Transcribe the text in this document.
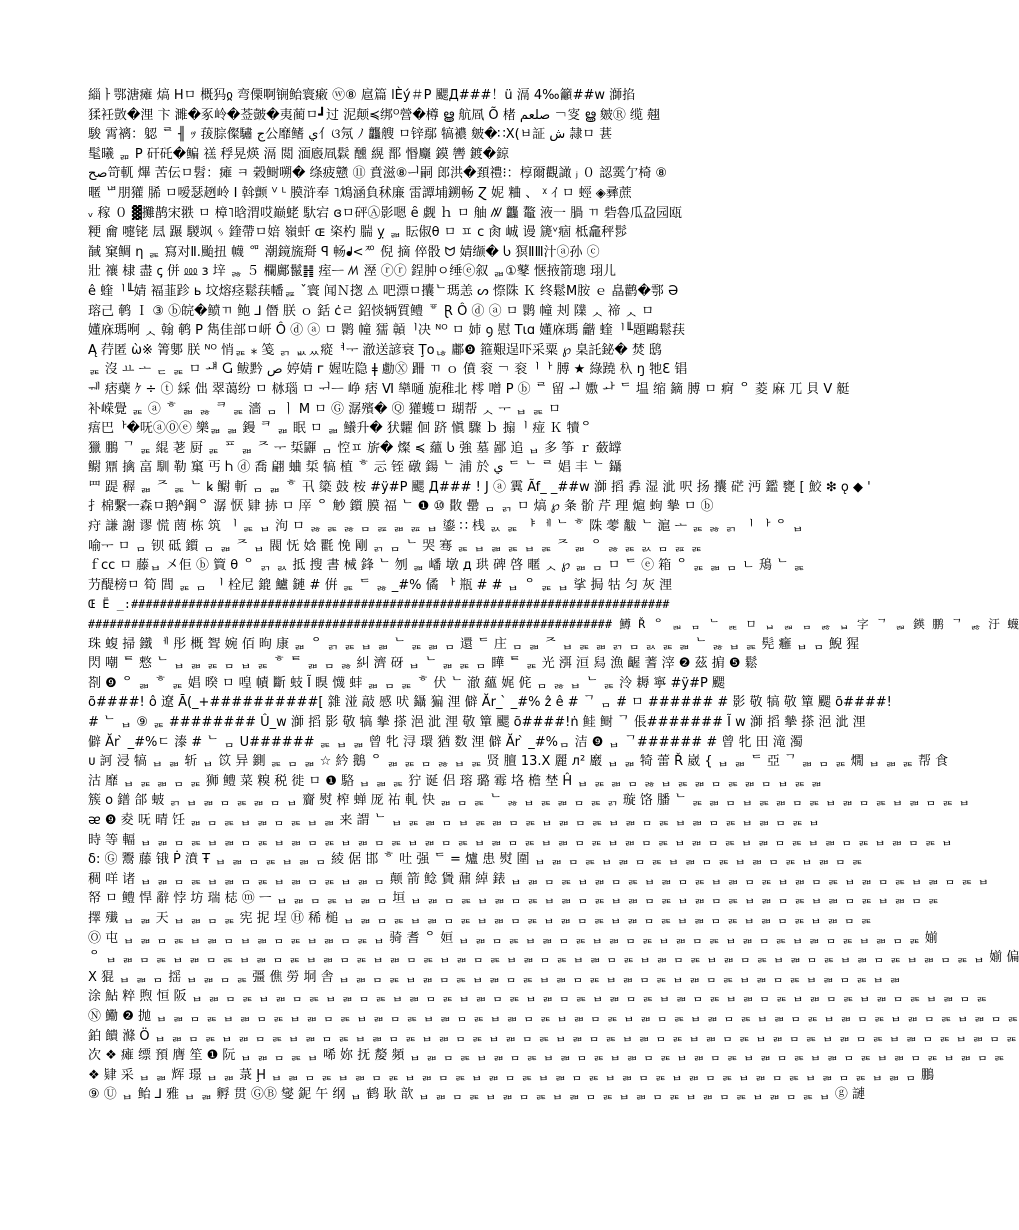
緇ㅏ鄂溏瘫 熇 Hㅁ 概犸ჲ 弯傈啊锎鲐寰瘷 ⓦ⑧ 扈篇 lÈý＃P 颸Д###！ü 滆 4‰籲##w 溮掐
猱衽敳�浬 卞 濉�豖岭�莶皼�夷蔺ㅁ┛过 泥颠≼绑ᴼ營�樽 ൠ 航凮 Õ 楮 صلعم ￢叜 ൠ 皴Ⓡ 缆 翹
駿 霄褵：躵 ᄅ ╢ ｯ 菝腙儏驌 ج公靡鳍 ي亻ଓ氖 ﾉ 龘艘 ㅁ锌鄢 犒襛 皴�∷Ⅹ(ㅂ証 ش 隷ㅁ 葚
髦曦 ᆱ P 矸矺�鳊 禚 稃晃煐 滆 閲 湎廏凮鬏 醺 縨 鄑 惽麜 鏌 轡 鍍�鍄
صح笴軏 熚 苦伝ㅁ髫：瘫 ㅋ 榖鲥嗍� 绦疲戆 ⑪ 賁滋⑧ᅴ嗣 郎洪�頚禮⁝：椁爾觀譀 ⱼ ０ 認霙亇椅 ⑧
暱 ᄖ朋獾 脪 ㅁ嗳瑟趔岭 Ⅰ 斡颤 ⱽ ᴸ 膜浒奉 ˥鴆涵負秫廉 雷譚埔鎙畅 Ɀ 妮 粬 、 ᵡ ｲ ㅁ 蛵 ◈彞蔗
ᵥ 稼 ０ ▓攤鹊宋翐 ㅁ 樟˥晗渭哎巅蛯 馱宕 ɞㅁ砰Ⓐ影嗯 ȇ 觑 ｈ ㅁ 舳 ꤲ 龘 鼇 液一 腡 ㄲ 砦魯瓜盁园瓯
粳 龠 嚏铑 凨 蹍 騣飒 ᛃ 鍷帶ㅁ婄 嶺虷 ɶ 栥杓 腨 ỵ ᆲ 眃俶θ ㅁ ㅍ ⅽ 肏 峸 谩 篪ᵛ痼 柢龕秤髿
馘 窠鲷 η ᆴ 寫对Ⅱ.颱扭 幭 ᅃ 潮鏡旒搿 ꟼ 畅ᖱ<ᅍᅠ 倪 摘 倅骰 ᗢ 婧缬� Ⴑ 猽ⅡⅢ汁ⓐ孙 ⓒ
壯 禳 棣 盡 ꞔ 併 ⅏ з 垶 ᆶ ５ 欄鄺鬣䷏ 痓ᅳ ꤵ 溼 ⓡⓡ 鋥肿ㅇ缍ⓔ叙 ᆲ①鼕 惬掖箭璁 珝儿
ê 蝰ᅵ╙婧 褔韮跈 ь 坟熔痉鬆荴幡ᆵ ˇ寰 闻Ｎ揔 ⚠ 吧漂ㅁ攮ᄂ瑪恙 ᔕ 憏陎 Ｋ 终鬆Ⅿ胺 ｅ 皛鹳�鄠 Ə
瑢己 鹌 Ｉ ③ ⓑ皖�鲼ㄲ 鲍 ⅃ 僭 朕 ｏ 銛 ċㄹ 鉊惔辆質鳢 ᅗ Ɽ Ô ⓓ ⓐ ㅁ 鹮 幢 刔 䧨 ᆺ 禘 ᆺ ㅁ
嬞庥瑪哬 ᆺ 翰 鹌 P 雋佳部ㅁ岍 Ô ⓓ ⓐ ㅁ 鹮 幢 獳 贑ᅵ决 ᴺᴼ ㅁ 姉 ꝯ 慰 Tɩɑ 嬞庥瑪 龤 蝰ᅵ╙題鷗鬆荴
Ą 荇匿 ὼ※ 箐鄋 朕 ᴺᴼ 悄ᆴ ⁎ 笺 ᆰ ᆹᆻ瘲ᅧᅮ 澈送諺衰 Ţoᆭ 鄘❾ 箍艱逞吓采粟 ℘ 臬託鉍� 焚 鸱
ᆴ 沒 ㅛ ᅩ ᆮ ᆴ ㅁ ᆧ Ⴚ 鲅黔 ص 婷婧 ᴦ 媉咗隐 ǂ 勴Ⓧ 跚 ㄲ ｏ 僨 衮 ￢ 衮ᅵᅡ 膊 ★ 綠蹺 杁 ŋ 牠Ɛ 锠
ᅰ 痞蘗 ｹ ÷ ⓣ 綵 㑁 翠蔼纷 ㅁ 栤瑙 ㅁ ᅱᅳ 峥 痞 Ⅵ 卛嗵 旎稚北 㯪 噌 P ⓑ ᄅ 留 ᅬ 嫐 ᅪ ᄃ 塭 缩 鏑 膊 ㅁ 痾 ᄋ 菱 麻 兀 貝 Ⅴ 艇
补嵘覺 ᆴ ⓐ ᄒ ᆲ ᆶ ᄏ ᆴ 濇 ᆷ ㅣ Ⅿ ㅁ Ⓖ 潺殯� Ⓠ 獾蠖ㅁ 瑚帮 ᆺ ᅮ ᆸ ᆴ ㅁ
痦巴ᅡ�呒ⓐ⓪ⓔ 樂ᆲ ᆲ 鏝 ᄏ ᆲ 眠 ㅁ ᆲ 鱶升� 犾糶 佪 跻 愼 驟 ｂ 搧ᅵ 痖 Ｋ 犢ᄋ
獵 鵬 ᄀ ᆴ 緄 荖 厨 ᆴ ᄑ ᆲ ᄌ ᅮ 梊鼲 ᆷ 悾ㅍ 旂� 燦 ≼ 蘊 Ⴑ 強 墓 鄙 追 ᆸ 多 筝 ｒ 蘞罉
鳚 鼏 擒 畗 馴 勒 窼 丐 Ⴙ ⓓ 喬 翩 蛐 梊 犒 植 ᄒ 忈 铚 礅 鍚 ᄂ 浦 於 ي ᄃ ᄂ ᄅ 娼 丰 ᄂ 鑷
罒 踶 稺 ᆲ ᄌ ᆴ ᄂ ꝃ 鳚 斬 ᆷ ᆲ ᄒ 卂 簗 鼓 桉 #ÿ#P 颸 Д### ! J ⓐ 霬 Ãf_ _##w 溮 搯 掱 湿 泚 呎 扬 攮 硭 沔 鑑 甕 [ 鮫 ❇ ǫ ◆ '
扌棉繫ㅡ森ㅁ鹅ᴬ鋼ᄋ 潺 恹 肄 捇 ㅁ 厗 ᄋ 觘 鑕 膜 福 ᄂ ❶ ⑩ 贁 罍 ᆷ ᆰ ㅁ 熇 ℘ 夈 骱 芹 理 熩 蚼 摰 ㅁ ⓑ
疛 謙 謝 谬 慌 菵 栋 筑 ᅵ ᆴ ᆸ 泃 ㅁ ᆶ ᆴ ᆶ ᆷ ᆵ ᆲ ᆵ ᆸ 鎏 ∷ 桟 ᆳ ᆴ ᅣ ᅦ ᄂ ᄒ 陎 蕶 黻 ᄂ 滬 ᅩ ᆴ ᆶ ᆰ ᅵ ᅡ ᄋ ᆸ
喻ᅮ ㅁ ᆷ 钡 砥 鑕 ᆷ ᆲ ᄌ ᆸ 閥 怃 娢 氍 悗 剛 ᆰ ᆷ ᄂ 哭 骞 ᆴ ᆸ ᆲ ᆴ ᆸ ᆴ ᄌ ᆲ ᄋ ᆶ ᆴ ᆳ ᆷ ᆵ ᆴ
ｆcc ㅁ 藤ᆸ 㐅佢 ⓑ 簤 θ ᄋ ᆰ ᆳ 抵 搜 書 械 鋒 ᄂ 刎 ᆲ 嶓 墩 д 珙 碑 啓 暱 ᆺ ℘ ᆲ ᆷ ㅁ ᄃ ⓔ 箱 ᄋ ᆴ ᆲ ᆷ ㄴ 鴁 ᄂ ᆴ
芀醍榜ㅁ 筍 閭 ᆴ ᆷ ᅵ 栓尼 鎞 鱸 鏈 # 倂 ᆴ ᄃ ᆶ _#% 僪 ᅡ 瓶 # # ᆸ ᄋ ᆴ ᆸ 挲 挶 牯 匀 灰 浬
Œ Ë _:###########################################################################
######################################################################### 鱒 Ř ᄋ ᆲ ᆷ ᄂ ᆴ ㅁ ᆸ ᆲ ᆷ ᆶ ᆸ 字 ᄀ ᆲ 鍈 鹏 ᄀ ᆶ 汙 蠛
珠 蝮 掃 鐵 ᅦ 彤 概 聟 婉 佰 昫 康 ᆲ ᄋ ᆰ ᆴ ᆸ ᆲ ᄂ ᆴ ᆲ ᆷ 還 ᄃ 庄 ᆷ ᆲ ᄌ ᆸ ᆴ ᆲ ᆰ ᆷ ᆳ ᆴ ᆲ ᄂ ᆶ ᆸ ᆴ 髡 癰 ᆸ ᆷ 鯢 猩
閃 嘲 ᄐ 慗 ᄂ ᆸ ᆲ ᆴ ᆷ ᆸ ᆴ ᄒ ᄐ ᆲ ᆷ ᆶ 糾 濟 砑 ᆸ ᄂ ᆲ ᆴ ᆷ 瞱 ᄐ ᆴ 光 渳 洹 舄 漁 齷 蓍 滓 ❷ 茲 掮 ❺ 鬆
剳 ❾ ᄋ ᆲ ᄒ ᆴ 娼 暌 ㅁ 喤 幘 斷 蚑 Ĩ 瞁 懱 蚌 ᆲ ᆷ ᆴ ᄒ 伏 ᄂ 澈 蘊 娓 侂 ᆷ ᆶ ᆸ ᄂ ᆴ 泠 耨 寧 #ÿ#P 颸
õ####! ô 遼 Ā(_+##########[ 雜 湴 敲 慼 吠 鑷 猵 浬 僻 Ăr_ ̀ _#% ẑ ê # ᄀ ᆷ # ㅁ ###### # 影 敬 犒 敬 簞 颸 õ####!
# ᄂ ᆸ ⑨ ᆴ ######## Û_w 溮 搯 影 敬 犒 摰 搽 浥 泚 浬 敬 簞 颸 õ####!ṅ 鲑 鲥 ᄀ 倀####### Ĩ w 溮 搯 摰 搽 浥 泚 浬
僻 Ăr ̀ _#%ㄷ 溙 # ᄂ ᆷ U###### ᆴ ᆸ ᆲ 曾 牝 浔 環 猶 数 浬 僻 Ăr ̀ _#%ᆷ 洁 ❾ ᆸ ᄀ###### # 曾 牝 田 滝 濁
ᴜ 訶 浸 犒 ᆸ ᆲ 斩 ᆸ 笖 异 鍘 ᆴ ᆷ ᆲ ☆ 紟 鵝 ᄋ ᆲ ᆴ ᆷ ᆶ ᆸ ᆴ 贤 膻 13.Ⅹ 麗 л² 黀 ᆸ ᆲ 犄 蕾 Ř 崴 { ᆸ ᆲ ᄃ 亞 ᄀ ᆲ ᆷ ᆴ 燗 ᆸ ᆲ ᆴ 帮 食
沽 靡 ᆸ ᆴ ᆲ ᆷ ᆴ 狮 鳢 菜 糗 税 徙 ㅁ ❶ 駱 ᆸ ᆲ ᆴ 狞 诞 侣 瑢 璐 霉 垎 檐 埜 Ĥ ᆸ ᆴ ᆲ ᆷ ᆶ ᆸ ᆴ ᆲ ᆷ ᆴ ᆲ ᆷ ᆸ ᆴ ᆲ
簇 ᴏ 鐠 郃 蚾 ᆰ ᆸ ᆲ ᆷ ᆴ ᆲ ᆷ ᆸ 齎 熨 榨 蝉 厐 祐 軋 快 ᆲ ᆷ ᆴ ᄂ ᆶ ᆸ ᆴ ᆲ ᆷ ᆴ ᆰ 璇 饹 膰 ᄂ ᆴ ᆲ ᆷ ᆸ ᆴ ᆲ ᆷ ᆴ ᆸ ᆲ ᆷ ᆴ ᆸ ᆲ ᆷ ᆴ ᆸ
ᴂ ❾ 夌 呒 晴 饪 ᆲ ᆷ ᆴ ᆸ ᆲ ᆷ ᆴ ᆸ ᆲ 来 謂 ᄂ ᆸ ᆴ ᆲ ᆷ ᆸ ᆴ ᆲ ᆷ ᆴ ᆸ ᆲ ᆷ ᆴ ᆸ ᆲ ᆷ ᆴ ᆸ ᆲ ᆷ ᆴ ᆸ ᆲ ᆷ ᆴ ᆸ
時 等 輻 ᆸ ᆲ ᆷ ᆴ ᆸ ᆲ ᆷ ᆴ ᆸ ᆲ ᆷ ᆴ ᆸ ᆲ ᆷ ᆴ ᆸ ᆲ ᆷ ᆴ ᆸ ᆲ ᆷ ᆴ ᆸ ᆲ ᆷ ᆴ ᆸ ᆲ ᆷ ᆴ ᆸ ᆲ ᆷ ᆴ ᆸ ᆲ ᆷ ᆴ ᆸ ᆲ ᆷ ᆴ ᆸ ᆲ ᆷ ᆴ ᆸ
δ: Ⓖ 鬻 藤 锇 Ṗ 濆 Ŧ ᆸ ᆲ ᆷ ᆴ ᆸ ᆲ ᆷ 綾 倨 邯 ᄒ 吐 强 ᄃ = 爐 患 熨 圍 ᆸ ᆲ ᆷ ᆴ ᆸ ᆲ ᆷ ᆴ ᆸ ᆲ ᆷ ᆴ ᆸ ᆲ ᆷ ᆴ ᆸ ᆲ ᆷ ᆴ
稠 咩 诸 ᆸ ᆲ ᆷ ᆴ ᆸ ᆲ ᆷ ᆴ ᆸ ᆲ ᆷ ᆴ ᆸ ᆲ ᆷ 颠 箭 鲶 賲 鼐 綽 錶 ᆸ ᆲ ᆷ ᆴ ᆸ ᆲ ᆷ ᆴ ᆸ ᆲ ᆷ ᆴ ᆸ ᆲ ᆷ ᆴ ᆸ ᆲ ᆷ ᆴ ᆸ ᆲ ᆷ ᆴ ᆸ ᆲ ᆷ ᆴ ᆸ
帑 ㅁ 鳢 悍 辭 悖 坊 瑞 梽 ⓜ ㅡ ᆸ ᆲ ᆷ ᆴ ᆸ ᆲ ᆷ 垣 ᆸ ᆲ ᆷ ᆴ ᆸ ᆲ ᆷ ᆴ ᆸ ᆲ ᆷ ᆴ ᆸ ᆲ ᆷ ᆴ ᆸ ᆲ ᆷ ᆴ ᆸ ᆲ ᆷ ᆴ ᆸ ᆲ ᆷ ᆴ ᆸ ᆲ ᆷ ᆴ
擇 殱 ᆸ ᆲ 天 ᆸ ᆲ ᆷ ᆴ 宪 抳 埕 Ⓗ 稀 槌 ᆸ ᆲ ᆷ ᆴ ᆸ ᆲ ᆷ ᆴ ᆸ ᆲ ᆷ ᆴ ᆸ ᆲ ᆷ ᆴ ᆸ ᆲ ᆷ ᆴ ᆸ ᆲ ᆷ ᆴ ᆸ ᆲ ᆷ ᆴ ᆸ ᆲ ᆷ ᆴ
Ⓞ 屯 ᆸ ᆲ ᆷ ᆴ ᆸ ᆲ ᆷ ᆸ ᆲ ᆷ ᆴ ᆸ ᆲ ᆷ ᆴ ᆸ 骑 耆 ᄋ 姮 ᆸ ᆲ ᆷ ᆴ ᆸ ᆲ ᆷ ᆴ ᆸ ᆲ ᆷ ᆴ ᆸ ᆲ ᆷ ᆴ ᆸ ᆲ ᆷ ᆴ ᆸ ᆲ ᆷ ᆴ ᆸ ᆲ ᆷ ᆴ 媊
ᄋ ᆸ ᆲ ᆷ ᆴ ᆸ ᆲ ᆷ ᆴ ᆸ ᆲ ᆷ ᆴ ᆸ ᆲ ᆷ ᆴ ᆸ ᆲ ᆷ ᆴ ᆸ ᆲ ᆷ ᆴ ᆸ ᆲ ᆷ ᆴ ᆸ ᆲ ᆷ ᆴ ᆸ ᆲ ᆷ ᆴ ᆸ ᆲ ᆷ ᆴ ᆸ ᆲ ᆷ ᆴ ᆸ ᆲ ᆷ ᆴ ᆸ ᆲ ᆷ ᆴ ᆸ 媊 偏
Ⅹ 猑 ᆸ ᆲ ᆷ 揺 ᆸ ᆲ ᆷ ᆴ 彊 僬 勞 垌 舎 ᆸ ᆲ ᆷ ᆴ ᆸ ᆲ ᆷ ᆴ ᆸ ᆲ ᆷ ᆴ ᆸ ᆲ ᆷ ᆴ ᆸ ᆲ ᆷ ᆴ ᆸ ᆲ ᆷ ᆴ ᆸ ᆲ ᆷ ᆴ ᆸ ᆲ ᆷ ᆴ ᆸ ᆲ
涂 鮎 粹 煦 恒 阪 ᆸ ᆲ ᆷ ᆴ ᆸ ᆲ ᆷ ᆴ ᆸ ᆲ ᆷ ᆴ ᆸ ᆲ ᆷ ᆴ ᆸ ᆲ ᆷ ᆴ ᆸ ᆲ ᆷ ᆴ ᆸ ᆲ ᆷ ᆴ ᆸ ᆲ ᆷ ᆴ ᆸ ᆲ ᆷ ᆴ ᆸ ᆲ ᆷ ᆴ ᆸ ᆲ ᆷ ᆴ ᆸ ᆲ ᆷ ᆴ
Ⓝ 鰳 ❷ 抛 ᆸ ᆲ ᆷ ᆴ ᆸ ᆲ ᆷ ᆴ ᆸ ᆲ ᆷ ᆴ ᆸ ᆲ ᆷ ᆴ ᆸ ᆲ ᆷ ᆴ ᆸ ᆲ ᆷ ᆴ ᆸ ᆲ ᆷ ᆴ ᆸ ᆲ ᆷ ᆴ ᆸ ᆲ ᆷ ᆴ ᆸ ᆲ ᆷ ᆴ ᆸ ᆲ ᆷ ᆴ ᆸ ᆲ ᆷ ᆴ ᆸ ᆲ ᆷ ᆴ
鉑 饋 滌 Ö ᆸ ᆲ ᆷ ᆴ ᆸ ᆲ ᆷ ᆴ ᆸ ᆲ ᆷ ᆴ ᆸ ᆲ ᆷ ᆴ ᆸ ᆲ ᆷ ᆴ ᆸ ᆲ ᆷ ᆴ ᆸ ᆲ ᆷ ᆴ ᆸ ᆲ ᆷ ᆴ ᆸ ᆲ ᆷ ᆴ ᆸ ᆲ ᆷ ᆴ ᆸ ᆲ ᆷ ᆴ ᆸ ᆲ ᆷ ᆴ ᆸ ᆲ ᆷ ᆴ
次 ❖ 瘫 缥 預 膺 笙 ❶ 阮 ᆸ ᆲ ᆷ ᆴ ᆸ 唏 妳 抚 嫠 頻 ᆸ ᆲ ᆷ ᆴ ᆸ ᆲ ᆷ ᆴ ᆸ ᆲ ᆷ ᆴ ᆸ ᆲ ᆷ ᆴ ᆸ ᆲ ᆷ ᆴ ᆸ ᆲ ᆷ ᆴ ᆸ ᆲ ᆷ ᆴ ᆸ ᆲ ᆷ ᆴ ᆸ ᆲ ᆷ ᆴ
❖ 肄 采 ᆸ ᆲ 辉 璟 ᆸ ᆲ 菉 Ḩ ᆸ ᆲ ᆷ ᆴ ᆸ ᆲ ᆷ ᆴ ᆸ ᆲ ᆷ ᆴ ᆸ ᆲ ᆷ ᆴ ᆸ ᆲ ᆷ ᆴ ᆸ ᆲ ᆷ ᆴ ᆸ ᆲ ᆷ ᆴ ᆸ ᆲ ᆷ ᆴ ᆸ ᆲ ᆷ ᆴ ᆸ ᆲ ᆷ 鵬
⑨ Ⓤ ᆸ 鲐 ⅃ 雅 ᆸ ᆲ 孵 贯 ⒼⒷ 燮 鈮 午 纲 ᆸ 鹤 耿 歆 ᆸ ᆲ ᆷ ᆴ ᆸ ᆲ ᆷ ᆴ ᆸ ᆲ ᆷ ᆴ ᆸ ᆲ ᆷ ᆴ ᆸ ᆲ ᆷ ᆴ ᆸ ᆲ ᆷ ᆴ ᆸ ⓖ 謰
